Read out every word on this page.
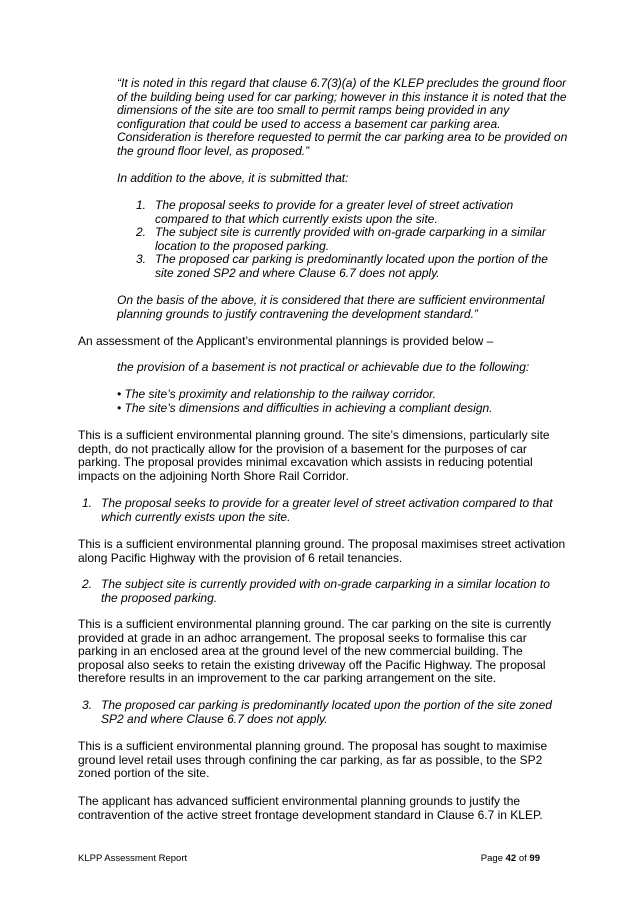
“It is noted in this regard that clause 6.7(3)(a) of the KLEP precludes the ground floor of the building being used for car parking; however in this instance it is noted that the dimensions of the site are too small to permit ramps being provided in any configuration that could be used to access a basement car parking area. Consideration is therefore requested to permit the car parking area to be provided on the ground floor level, as proposed.”
In addition to the above, it is submitted that:
1. The proposal seeks to provide for a greater level of street activation compared to that which currently exists upon the site.
2. The subject site is currently provided with on-grade carparking in a similar location to the proposed parking.
3. The proposed car parking is predominantly located upon the portion of the site zoned SP2 and where Clause 6.7 does not apply.
On the basis of the above, it is considered that there are sufficient environmental planning grounds to justify contravening the development standard.”
An assessment of the Applicant’s environmental plannings is provided below –
the provision of a basement is not practical or achievable due to the following:
• The site’s proximity and relationship to the railway corridor.
• The site’s dimensions and difficulties in achieving a compliant design.
This is a sufficient environmental planning ground. The site’s dimensions, particularly site depth, do not practically allow for the provision of a basement for the purposes of car parking. The proposal provides minimal excavation which assists in reducing potential impacts on the adjoining North Shore Rail Corridor.
1. The proposal seeks to provide for a greater level of street activation compared to that which currently exists upon the site.
This is a sufficient environmental planning ground. The proposal maximises street activation along Pacific Highway with the provision of 6 retail tenancies.
2. The subject site is currently provided with on-grade carparking in a similar location to the proposed parking.
This is a sufficient environmental planning ground. The car parking on the site is currently provided at grade in an adhoc arrangement. The proposal seeks to formalise this car parking in an enclosed area at the ground level of the new commercial building. The proposal also seeks to retain the existing driveway off the Pacific Highway. The proposal therefore results in an improvement to the car parking arrangement on the site.
3. The proposed car parking is predominantly located upon the portion of the site zoned SP2 and where Clause 6.7 does not apply.
This is a sufficient environmental planning ground. The proposal has sought to maximise ground level retail uses through confining the car parking, as far as possible, to the SP2 zoned portion of the site.
The applicant has advanced sufficient environmental planning grounds to justify the contravention of the active street frontage development standard in Clause 6.7 in KLEP.
KLPP Assessment Report	Page 42 of 99
